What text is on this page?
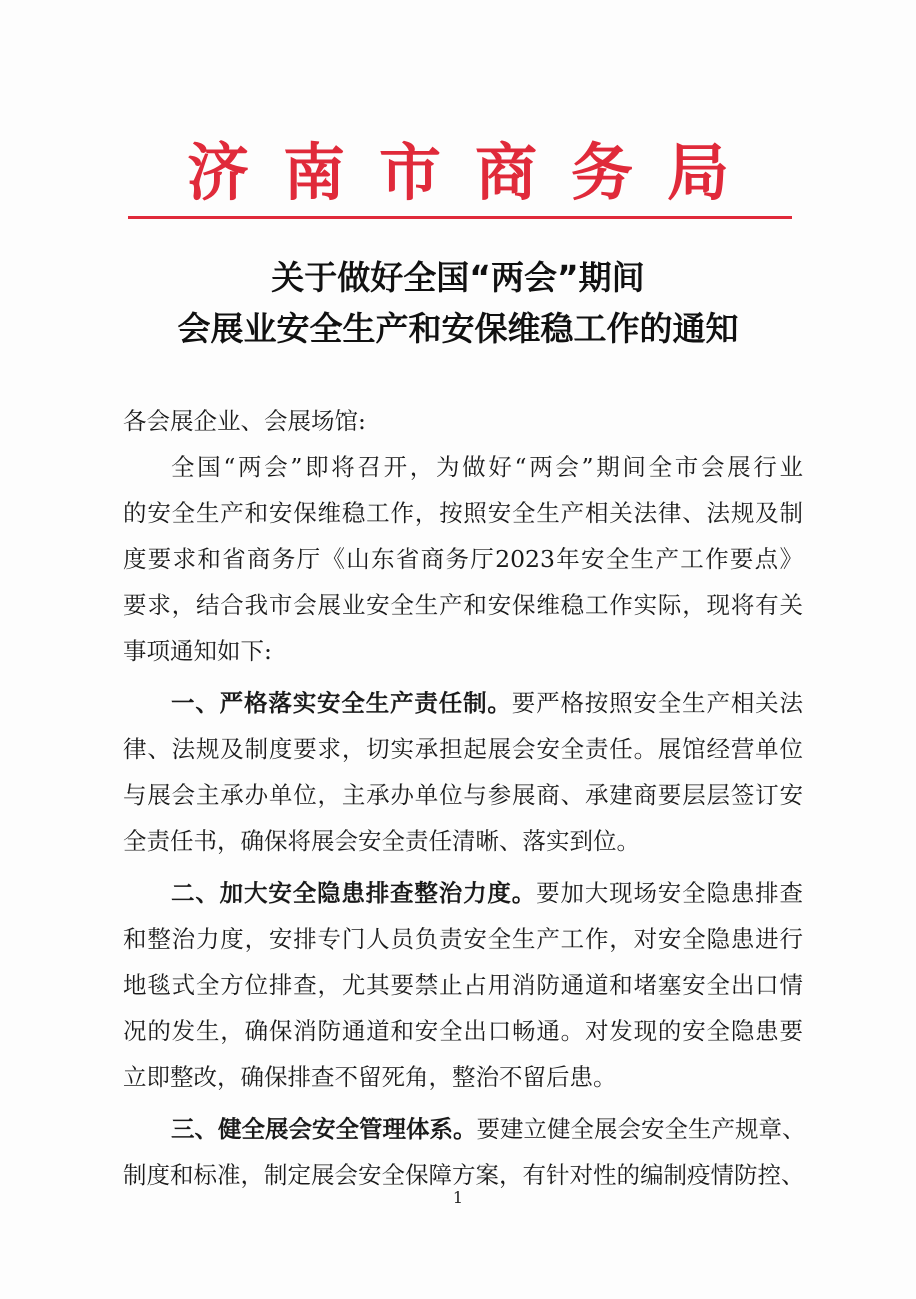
济南市商务局
关于做好全国“两会”期间
会展业安全生产和安保维稳工作的通知
各会展企业、会展场馆:
全国“两会”即将召开，为做好“两会”期间全市会展行业
的安全生产和安保维稳工作，按照安全生产相关法律、法规及制
度要求和省商务厅《山东省商务厅2023年安全生产工作要点》
要求，结合我市会展业安全生产和安保维稳工作实际，现将有关
事项通知如下:
一、严格落实安全生产责任制。要严格按照安全生产相关法
律、法规及制度要求，切实承担起展会安全责任。展馆经营单位
与展会主承办单位，主承办单位与参展商、承建商要层层签订安
全责任书，确保将展会安全责任清晰、落实到位。
二、加大安全隐患排查整治力度。要加大现场安全隐患排查
和整治力度，安排专门人员负责安全生产工作，对安全隐患进行
地毯式全方位排查，尤其要禁止占用消防通道和堵塞安全出口情
况的发生，确保消防通道和安全出口畅通。对发现的安全隐患要
立即整改，确保排查不留死角，整治不留后患。
三、健全展会安全管理体系。要建立健全展会安全生产规章、
制度和标准，制定展会安全保障方案，有针对性的编制疫情防控、
1
